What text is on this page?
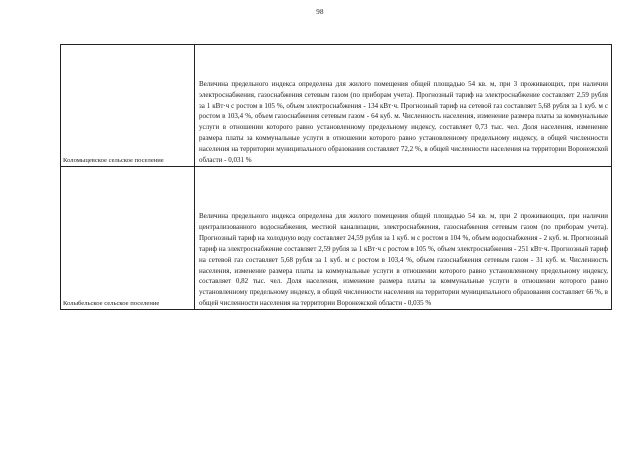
98
Коломыцевское сельское поселение	Величина предельного индекса определена для жилого помещения общей площадью 54 кв. м, при 3 проживающих, при наличии электроснабжения, газоснабжения сетевым газом (по приборам учета). Прогнозный тариф на электроснабжение составляет 2,59 рубля за 1 кВт·ч с ростом в 105 %, объем электроснабжения - 134 кВт·ч. Прогнозный тариф на сетевой газ составляет 5,68 рубля за 1 куб. м с ростом в 103,4 %, объем газоснабжения сетевым газом - 64 куб. м. Численность населения, изменение размера платы за коммунальные услуги в отношении которого равно установленному предельному индексу, составляет 0,73 тыс. чел. Доля населения, изменение размера платы за коммунальные услуги в отношении которого равно установленному предельному индексу, в общей численности населения на территории муниципального образования составляет 72,2 %, в общей численности населения на территории Воронежской области - 0,031 %

Колыбельское сельское поселение	Величина предельного индекса определена для жилого помещения общей площадью 54 кв. м, при 2 проживающих, при наличии централизованного водоснабжения, местной канализации, электроснабжения, газоснабжения сетевым газом (по приборам учета). Прогнозный тариф на холодную воду составляет 24,59 рубля за 1 куб. м с ростом в 104 %, объем водоснабжения - 2 куб. м. Прогнозный тариф на электроснабжение составляет 2,59 рубля за 1 кВт·ч с ростом в 105 %, объем электроснабжения - 251 кВт·ч. Прогнозный тариф на сетевой газ составляет 5,68 рубля за 1 куб. м с ростом в 103,4 %, объем газоснабжения сетевым газом - 31 куб. м. Численность населения, изменение размера платы за коммунальные услуги в отношении которого равно установленному предельному индексу, составляет 0,82 тыс. чел. Доля населения, изменение размера платы за коммунальные услуги в отношении которого равно установленному предельному индексу, в общей численности населения на территории муниципального образования составляет 66 %, в общей численности населения на территории Воронежской области - 0,035 %
